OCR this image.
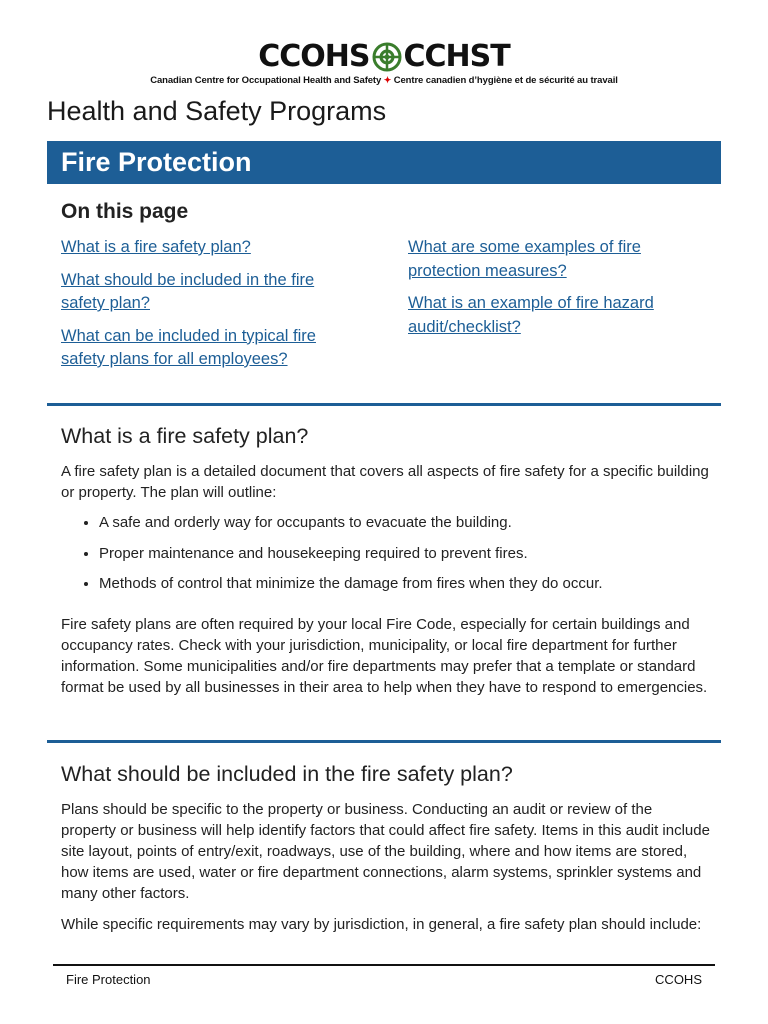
CCOHS CCHST
Canadian Centre for Occupational Health and Safety ✦ Centre canadien d’hygiène et de sécurité au travail
Health and Safety Programs
Fire Protection
On this page
What is a fire safety plan?
What should be included in the fire safety plan?
What can be included in typical fire safety plans for all employees?
What are some examples of fire protection measures?
What is an example of fire hazard audit/checklist?
What is a fire safety plan?

A fire safety plan is a detailed document that covers all aspects of fire safety for a specific building or property. The plan will outline:

• A safe and orderly way for occupants to evacuate the building.
• Proper maintenance and housekeeping required to prevent fires.
• Methods of control that minimize the damage from fires when they do occur.

Fire safety plans are often required by your local Fire Code, especially for certain buildings and occupancy rates. Check with your jurisdiction, municipality, or local fire department for further information. Some municipalities and/or fire departments may prefer that a template or standard format be used by all businesses in their area to help when they have to respond to emergencies.

What should be included in the fire safety plan?

Plans should be specific to the property or business. Conducting an audit or review of the property or business will help identify factors that could affect fire safety. Items in this audit include site layout, points of entry/exit, roadways, use of the building, where and how items are stored, how items are used, water or fire department connections, alarm systems, sprinkler systems and many other factors.

While specific requirements may vary by jurisdiction, in general, a fire safety plan should include:

Fire Protection	CCOHS
